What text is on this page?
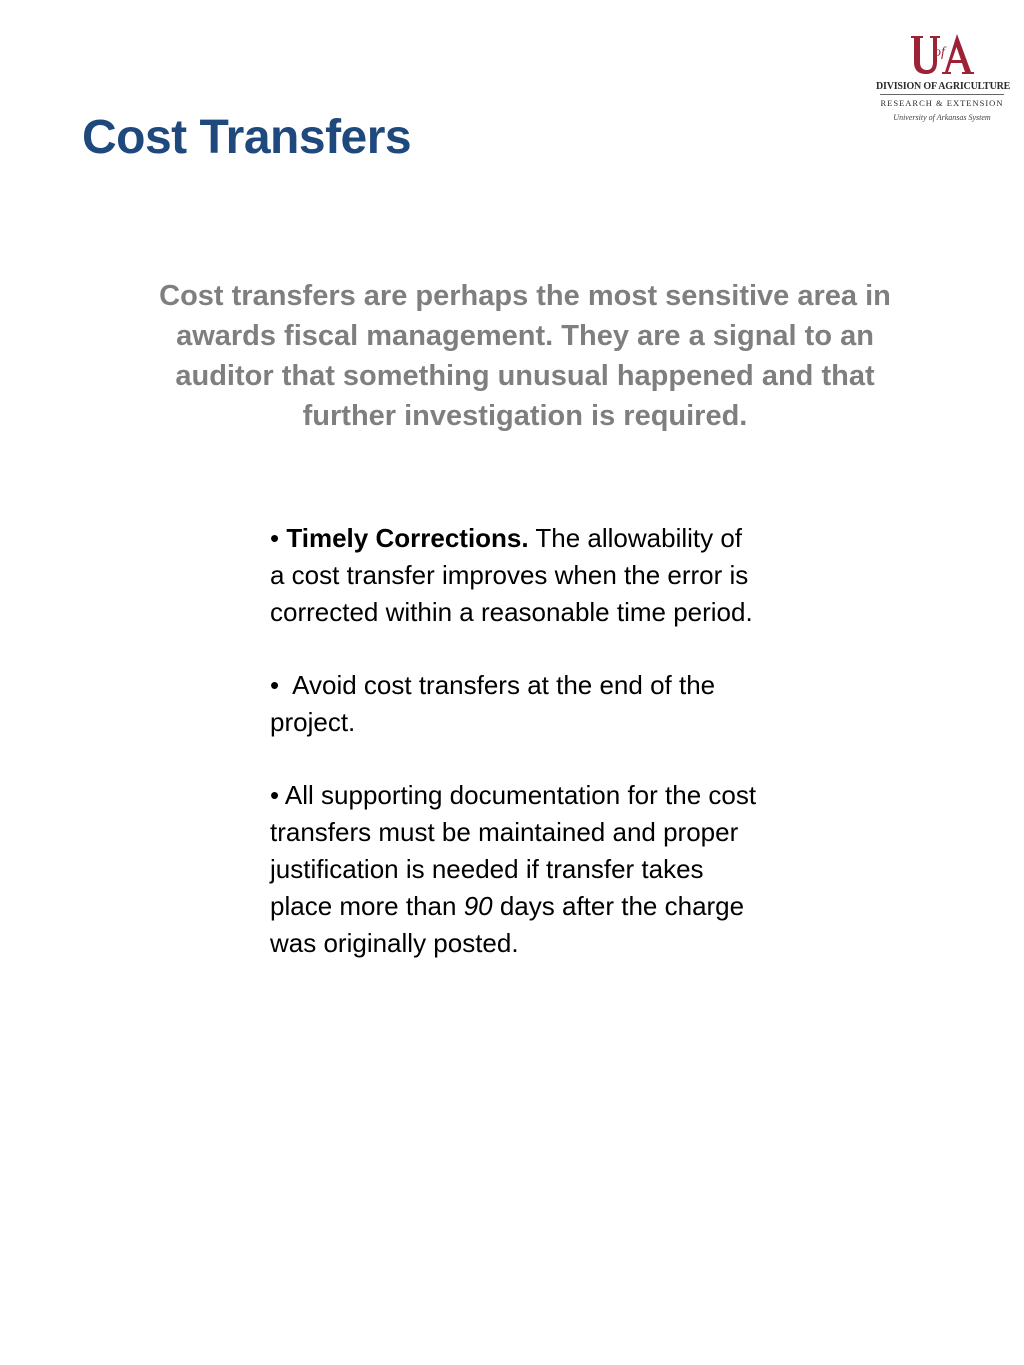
Cost Transfers
of
DIVISION OF AGRICULTURE
RESEARCH & EXTENSION
University of Arkansas System

Cost transfers are perhaps the most sensitive area in awards fiscal management. They are a signal to an auditor that something unusual happened and that further investigation is required.

• Timely Corrections. The allowability of a cost transfer improves when the error is corrected within a reasonable time period.

• Avoid cost transfers at the end of the project.

• All supporting documentation for the cost transfers must be maintained and proper justification is needed if transfer takes place more than 90 days after the charge was originally posted.
